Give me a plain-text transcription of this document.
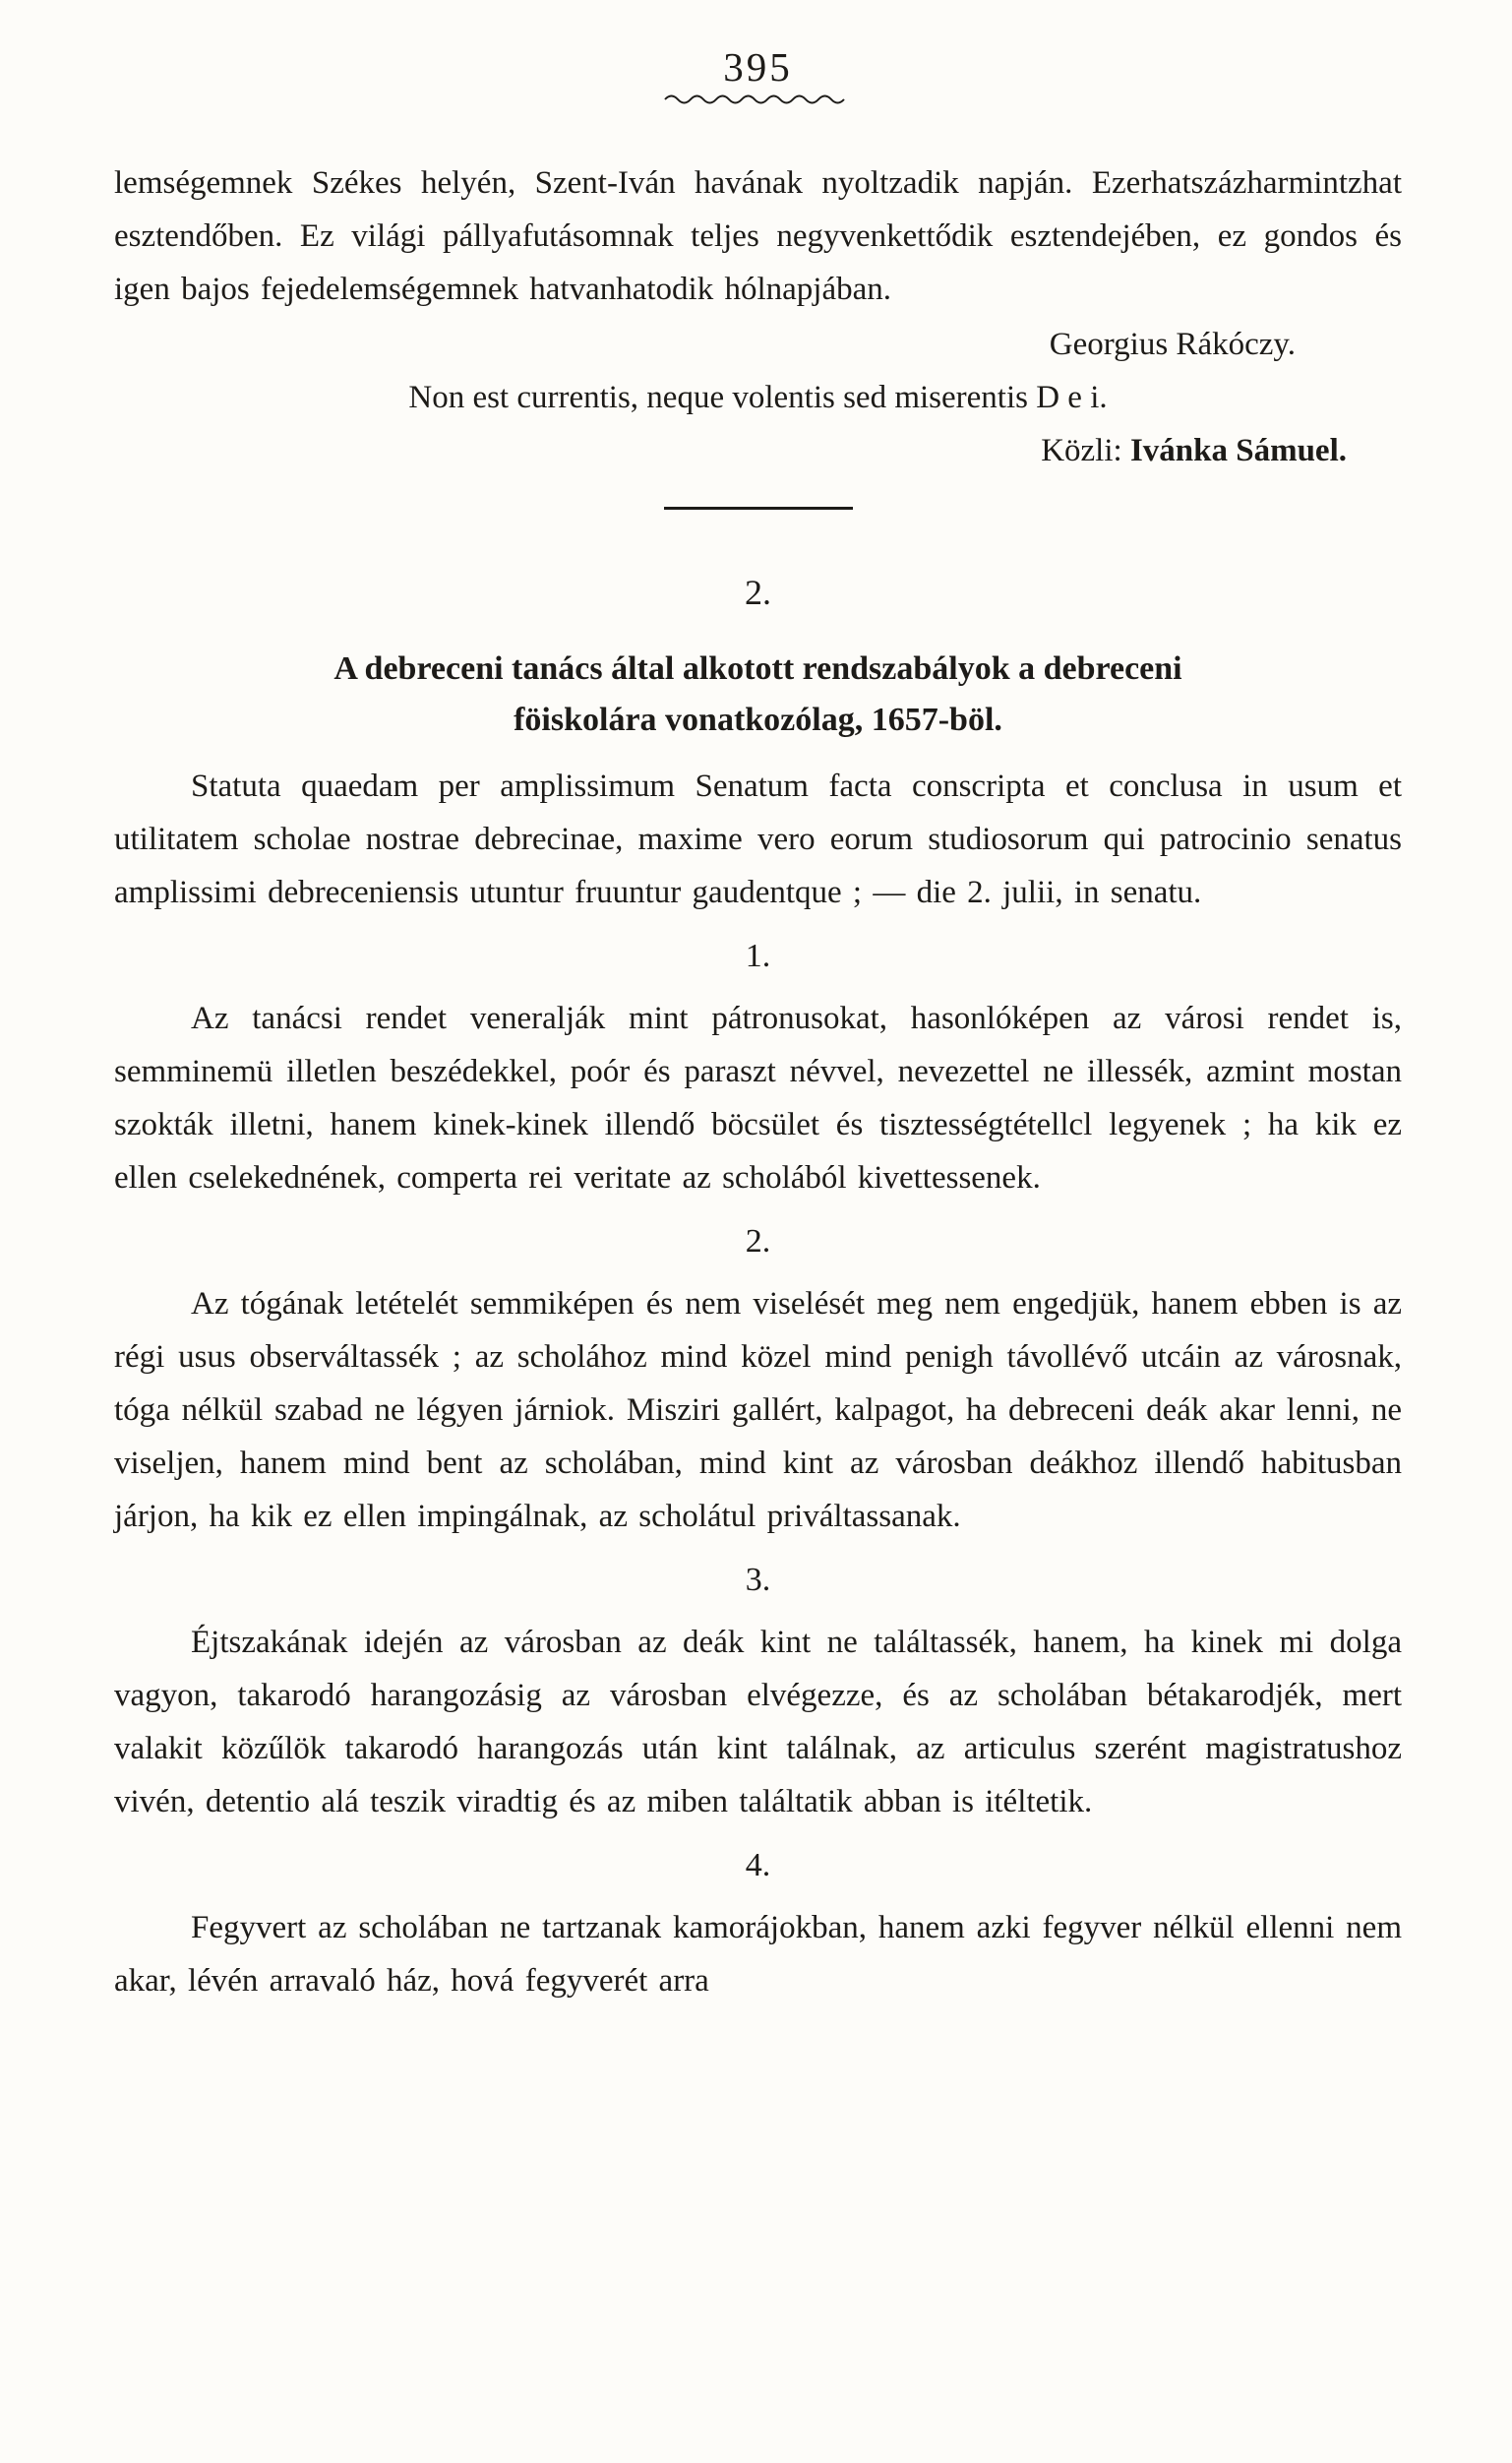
395

lemségemnek Székes helyén, Szent-Iván havának nyoltzadik napján. Ezerhatszázharmintzhat esztendőben. Ez világi pállyafutásomnak teljes negyvenkettődik esztendejében, ez gondos és igen bajos fejedelemségemnek hatvanhatodik hólnapjában.

Georgius Rákóczy.

Non est currentis, neque volentis sed miserentis D e i.

Közli: Ivánka Sámuel.

2.
A debreceni tanács által alkotott rendszabályok a debreceni
föiskolára vonatkozólag, 1657-böl.

Statuta quaedam per amplissimum Senatum facta conscripta et conclusa in usum et utilitatem scholae nostrae debrecinae, maxime vero eorum studiosorum qui patrocinio senatus amplissimi debreceniensis utuntur fruuntur gaudentque ; — die 2. julii, in senatu.

1.

Az tanácsi rendet veneralják mint pátronusokat, hasonlóképen az városi rendet is, semminemü illetlen beszédekkel, poór és paraszt névvel, nevezettel ne illessék, azmint mostan szokták illetni, hanem kinek-kinek illendő böcsület és tisztességtétellcl legyenek ; ha kik ez ellen cselekednének, comperta rei veritate az scholából kivettessenek.

2.

Az tógának letételét semmiképen és nem viselését meg nem engedjük, hanem ebben is az régi usus observáltassék ; az scholához mind közel mind penigh távollévő utcáin az városnak, tóga nélkül szabad ne légyen járniok. Misziri gallért, kalpagot, ha debreceni deák akar lenni, ne viseljen, hanem mind bent az scholában, mind kint az városban deákhoz illendő habitusban járjon, ha kik ez ellen impingálnak, az scholátul priváltassanak.

3.

Éjtszakának idején az városban az deák kint ne találtassék, hanem, ha kinek mi dolga vagyon, takarodó harangozásig az városban elvégezze, és az scholában bétakarodjék, mert valakit közűlök takarodó harangozás után kint találnak, az articulus szerént magistratushoz vivén, detentio alá teszik viradtig és az miben találtatik abban is itéltetik.

4.

Fegyvert az scholában ne tartzanak kamorájokban, hanem azki fegyver nélkül ellenni nem akar, lévén arravaló ház, hová fegyverét arra
